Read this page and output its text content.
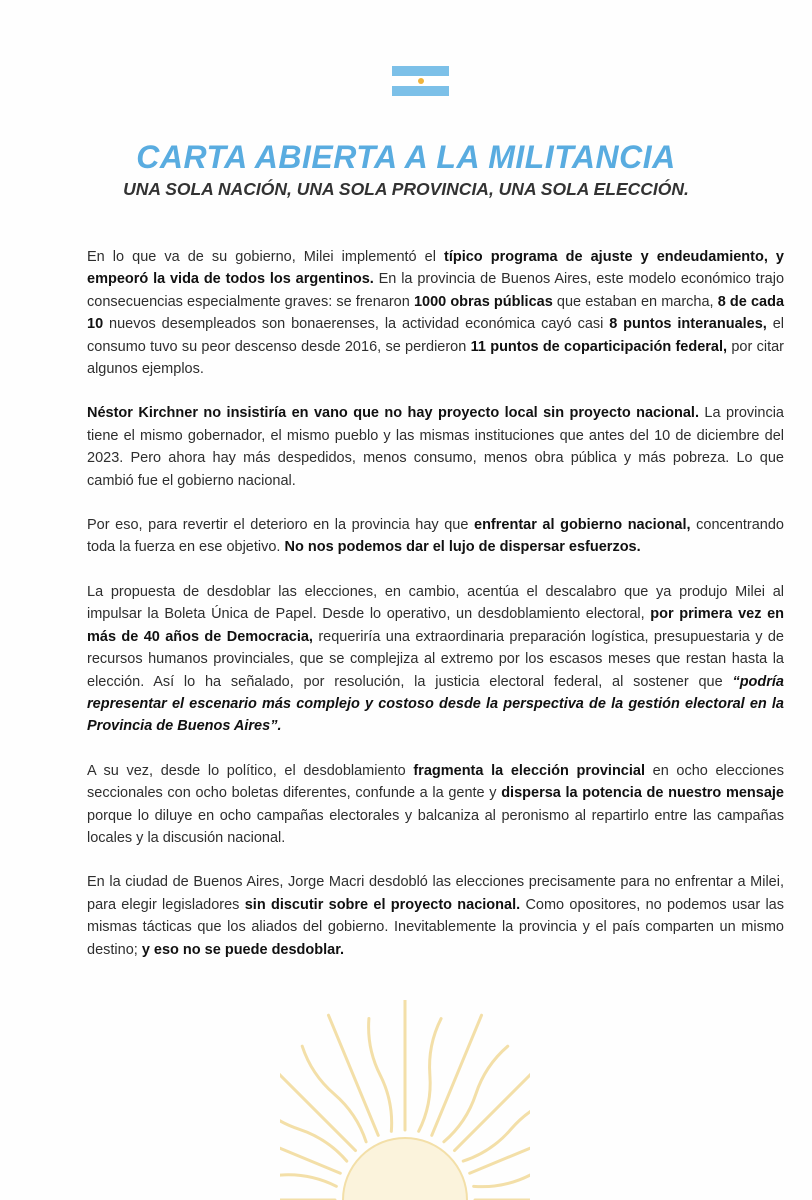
CARTA ABIERTA A LA MILITANCIA
UNA SOLA NACIÓN, UNA SOLA PROVINCIA, UNA SOLA ELECCIÓN.

En lo que va de su gobierno, Milei implementó el típico programa de ajuste y endeudamiento, y empeoró la vida de todos los argentinos. En la provincia de Buenos Aires, este modelo económico trajo consecuencias especialmente graves: se frenaron 1000 obras públicas que estaban en marcha, 8 de cada 10 nuevos desempleados son bonaerenses, la actividad económica cayó casi 8 puntos interanuales, el consumo tuvo su peor descenso desde 2016, se perdieron 11 puntos de coparticipación federal, por citar algunos ejemplos.

Néstor Kirchner no insistiría en vano que no hay proyecto local sin proyecto nacional. La provincia tiene el mismo gobernador, el mismo pueblo y las mismas instituciones que antes del 10 de diciembre del 2023. Pero ahora hay más despedidos, menos consumo, menos obra pública y más pobreza. Lo que cambió fue el gobierno nacional.

Por eso, para revertir el deterioro en la provincia hay que enfrentar al gobierno nacional, concentrando toda la fuerza en ese objetivo. No nos podemos dar el lujo de dispersar esfuerzos.

La propuesta de desdoblar las elecciones, en cambio, acentúa el descalabro que ya produjo Milei al impulsar la Boleta Única de Papel. Desde lo operativo, un desdoblamiento electoral, por primera vez en más de 40 años de Democracia, requeriría una extraordinaria preparación logística, presupuestaria y de recursos humanos provinciales, que se complejiza al extremo por los escasos meses que restan hasta la elección. Así lo ha señalado, por resolución, la justicia electoral federal, al sostener que “podría representar el escenario más complejo y costoso desde la perspectiva de la gestión electoral en la Provincia de Buenos Aires”.

A su vez, desde lo político, el desdoblamiento fragmenta la elección provincial en ocho elecciones seccionales con ocho boletas diferentes, confunde a la gente y dispersa la potencia de nuestro mensaje porque lo diluye en ocho campañas electorales y balcaniza al peronismo al repartirlo entre las campañas locales y la discusión nacional.

En la ciudad de Buenos Aires, Jorge Macri desdobló las elecciones precisamente para no enfrentar a Milei, para elegir legisladores sin discutir sobre el proyecto nacional. Como opositores, no podemos usar las mismas tácticas que los aliados del gobierno. Inevitablemente la provincia y el país comparten un mismo destino; y eso no se puede desdoblar.
